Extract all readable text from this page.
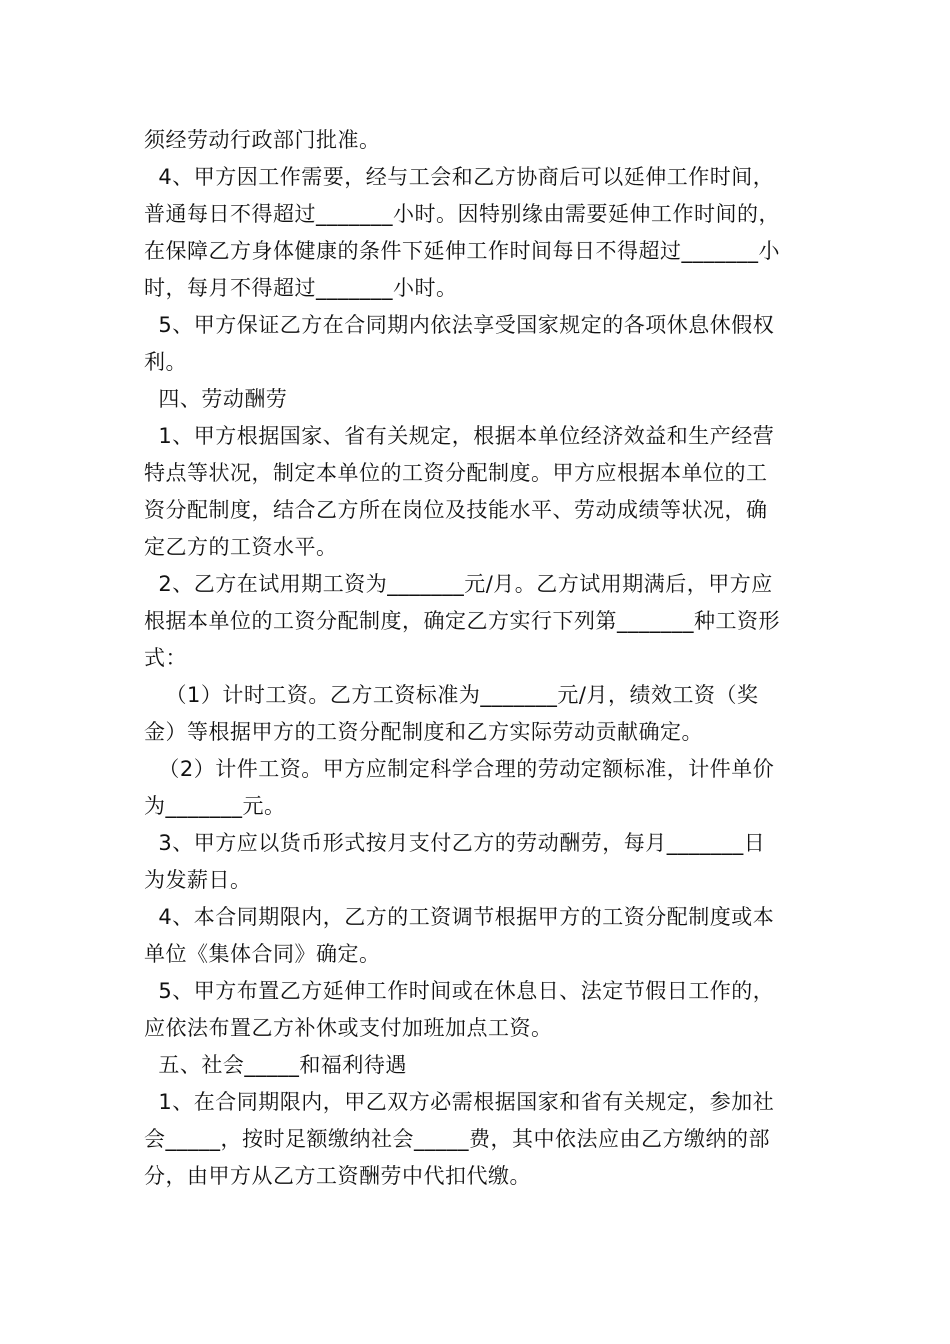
须经劳动行政部门批准。
4、甲方因工作需要，经与工会和乙方协商后可以延伸工作时间，
普通每日不得超过_______小时。因特别缘由需要延伸工作时间的，
在保障乙方身体健康的条件下延伸工作时间每日不得超过_______小
时，每月不得超过_______小时。
5、甲方保证乙方在合同期内依法享受国家规定的各项休息休假权
利。
四、劳动酬劳
1、甲方根据国家、省有关规定，根据本单位经济效益和生产经营
特点等状况，制定本单位的工资分配制度。甲方应根据本单位的工
资分配制度，结合乙方所在岗位及技能水平、劳动成绩等状况，确
定乙方的工资水平。
2、乙方在试用期工资为_______元/月。乙方试用期满后，甲方应
根据本单位的工资分配制度，确定乙方实行下列第_______种工资形
式：
（1）计时工资。乙方工资标准为_______元/月，绩效工资（奖
金）等根据甲方的工资分配制度和乙方实际劳动贡献确定。
（2）计件工资。甲方应制定科学合理的劳动定额标准，计件单价
为_______元。
3、甲方应以货币形式按月支付乙方的劳动酬劳，每月_______日
为发薪日。
4、本合同期限内，乙方的工资调节根据甲方的工资分配制度或本
单位《集体合同》确定。
5、甲方布置乙方延伸工作时间或在休息日、法定节假日工作的，
应依法布置乙方补休或支付加班加点工资。
五、社会_____和福利待遇
1、在合同期限内，甲乙双方必需根据国家和省有关规定，参加社
会_____，按时足额缴纳社会_____费，其中依法应由乙方缴纳的部
分，由甲方从乙方工资酬劳中代扣代缴。
